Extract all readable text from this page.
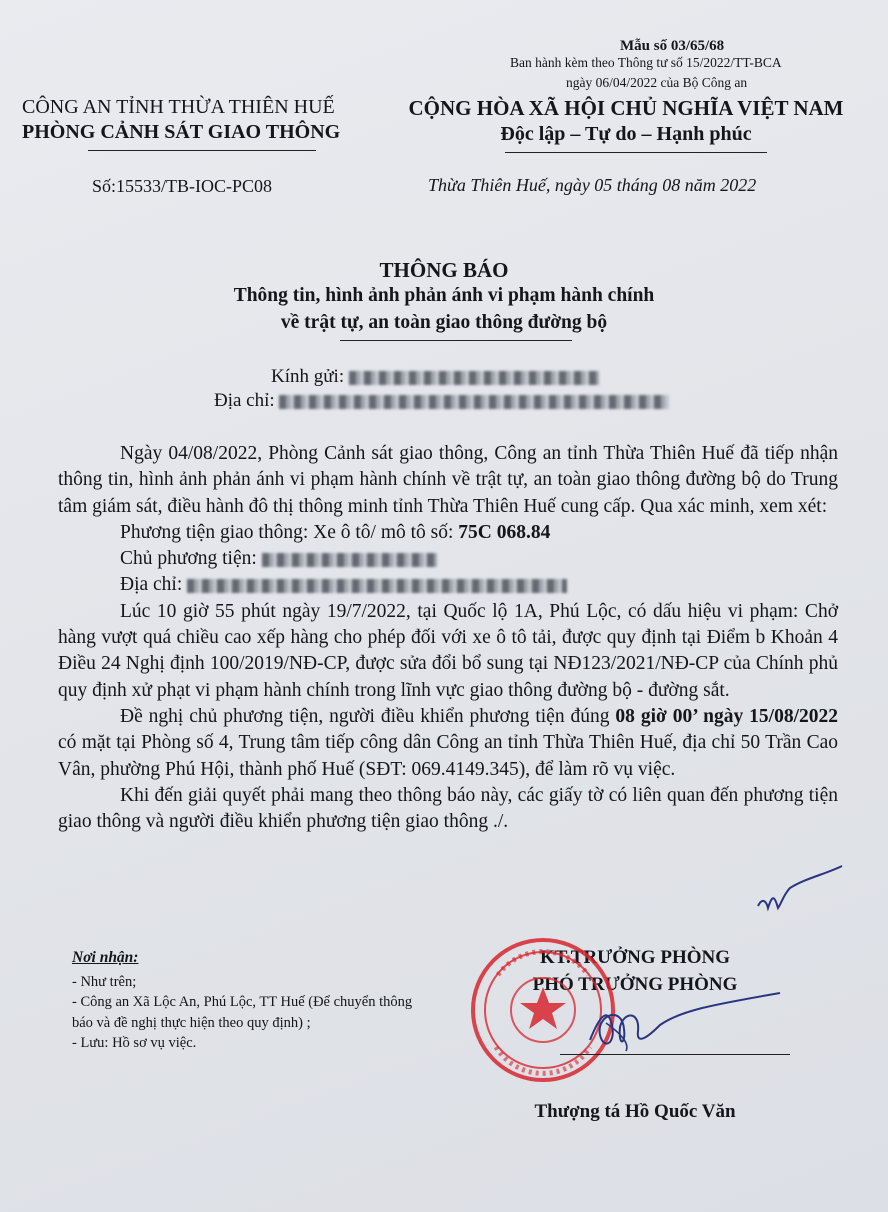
Mẫu số 03/65/68
Ban hành kèm theo Thông tư số 15/2022/TT-BCA
ngày 06/04/2022 của Bộ Công an
CÔNG AN TỈNH THỪA THIÊN HUẾ
PHÒNG CẢNH SÁT GIAO THÔNG
CỘNG HÒA XÃ HỘI CHỦ NGHĨA VIỆT NAM
Độc lập – Tự do – Hạnh phúc
Số:15533/TB-IOC-PC08	Thừa Thiên Huế, ngày 05 tháng 08 năm 2022
THÔNG BÁO
Thông tin, hình ảnh phản ánh vi phạm hành chính
về trật tự, an toàn giao thông đường bộ
Kính gửi:
Địa chỉ:

Ngày 04/08/2022, Phòng Cảnh sát giao thông, Công an tỉnh Thừa Thiên Huế đã tiếp nhận thông tin, hình ảnh phản ánh vi phạm hành chính về trật tự, an toàn giao thông đường bộ do Trung tâm giám sát, điều hành đô thị thông minh tỉnh Thừa Thiên Huế cung cấp. Qua xác minh, xem xét:

Phương tiện giao thông: Xe ô tô/ mô tô số: 75C 068.84

Chủ phương tiện:

Địa chỉ:

Lúc 10 giờ 55 phút ngày 19/7/2022, tại Quốc lộ 1A, Phú Lộc, có dấu hiệu vi phạm: Chở hàng vượt quá chiều cao xếp hàng cho phép đối với xe ô tô tải, được quy định tại Điểm b Khoản 4 Điều 24 Nghị định 100/2019/NĐ-CP, được sửa đổi bổ sung tại NĐ123/2021/NĐ-CP của Chính phủ quy định xử phạt vi phạm hành chính trong lĩnh vực giao thông đường bộ - đường sắt.

Đề nghị chủ phương tiện, người điều khiển phương tiện đúng 08 giờ 00’ ngày 15/08/2022 có mặt tại Phòng số 4, Trung tâm tiếp công dân Công an tỉnh Thừa Thiên Huế, địa chỉ 50 Trần Cao Vân, phường Phú Hội, thành phố Huế (SĐT: 069.4149.345), để làm rõ vụ việc.

Khi đến giải quyết phải mang theo thông báo này, các giấy tờ có liên quan đến phương tiện giao thông và người điều khiển phương tiện giao thông ./.

Nơi nhận:
- Như trên;
- Công an Xã Lộc An, Phú Lộc, TT Huế (Để chuyển thông báo và đề nghị thực hiện theo quy định) ;
- Lưu: Hồ sơ vụ việc.
KT.TRƯỞNG PHÒNG
PHÓ TRƯỞNG PHÒNG
Thượng tá Hồ Quốc Văn
